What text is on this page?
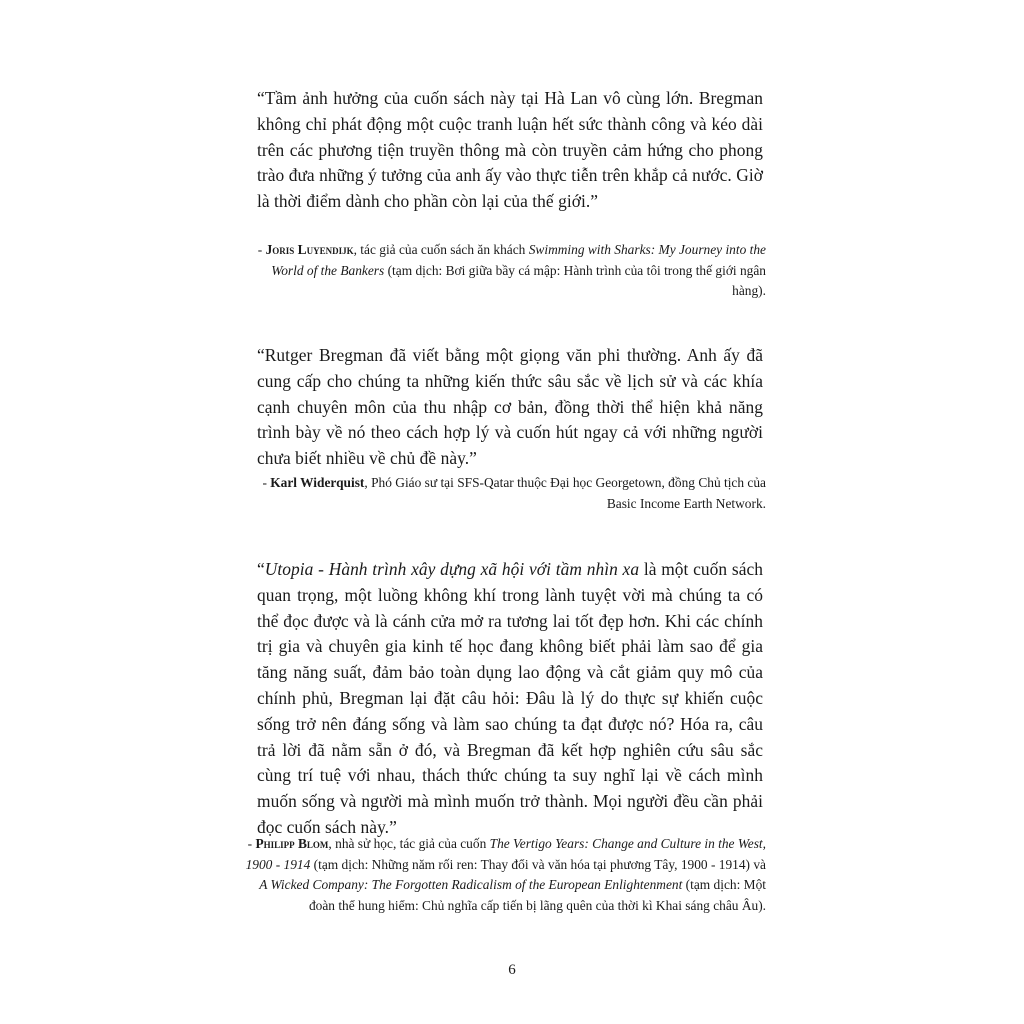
“Tầm ảnh hưởng của cuốn sách này tại Hà Lan vô cùng lớn. Bregman không chỉ phát động một cuộc tranh luận hết sức thành công và kéo dài trên các phương tiện truyền thông mà còn truyền cảm hứng cho phong trào đưa những ý tưởng của anh ấy vào thực tiễn trên khắp cả nước. Giờ là thời điểm dành cho phần còn lại của thế giới.”

- Joris Luyendijk, tác giả của cuốn sách ăn khách Swimming with Sharks: My Journey into the World of the Bankers (tạm dịch: Bơi giữa bầy cá mập: Hành trình của tôi trong thế giới ngân hàng).

“Rutger Bregman đã viết bằng một giọng văn phi thường. Anh ấy đã cung cấp cho chúng ta những kiến thức sâu sắc về lịch sử và các khía cạnh chuyên môn của thu nhập cơ bản, đồng thời thể hiện khả năng trình bày về nó theo cách hợp lý và cuốn hút ngay cả với những người chưa biết nhiều về chủ đề này.”

- Karl Widerquist, Phó Giáo sư tại SFS-Qatar thuộc Đại học Georgetown, đồng Chủ tịch của Basic Income Earth Network.

“Utopia - Hành trình xây dựng xã hội với tầm nhìn xa là một cuốn sách quan trọng, một luồng không khí trong lành tuyệt vời mà chúng ta có thể đọc được và là cánh cửa mở ra tương lai tốt đẹp hơn. Khi các chính trị gia và chuyên gia kinh tế học đang không biết phải làm sao để gia tăng năng suất, đảm bảo toàn dụng lao động và cắt giảm quy mô của chính phủ, Bregman lại đặt câu hỏi: Đâu là lý do thực sự khiến cuộc sống trở nên đáng sống và làm sao chúng ta đạt được nó? Hóa ra, câu trả lời đã nằm sẵn ở đó, và Bregman đã kết hợp nghiên cứu sâu sắc cùng trí tuệ với nhau, thách thức chúng ta suy nghĩ lại về cách mình muốn sống và người mà mình muốn trở thành. Mọi người đều cần phải đọc cuốn sách này.”

- Philipp Blom, nhà sử học, tác giả của cuốn The Vertigo Years: Change and Culture in the West, 1900 - 1914 (tạm dịch: Những năm rối ren: Thay đổi và văn hóa tại phương Tây, 1900 - 1914) và A Wicked Company: The Forgotten Radicalism of the European Enlightenment (tạm dịch: Một đoàn thể hung hiểm: Chủ nghĩa cấp tiến bị lãng quên của thời kì Khai sáng châu Âu).
6
